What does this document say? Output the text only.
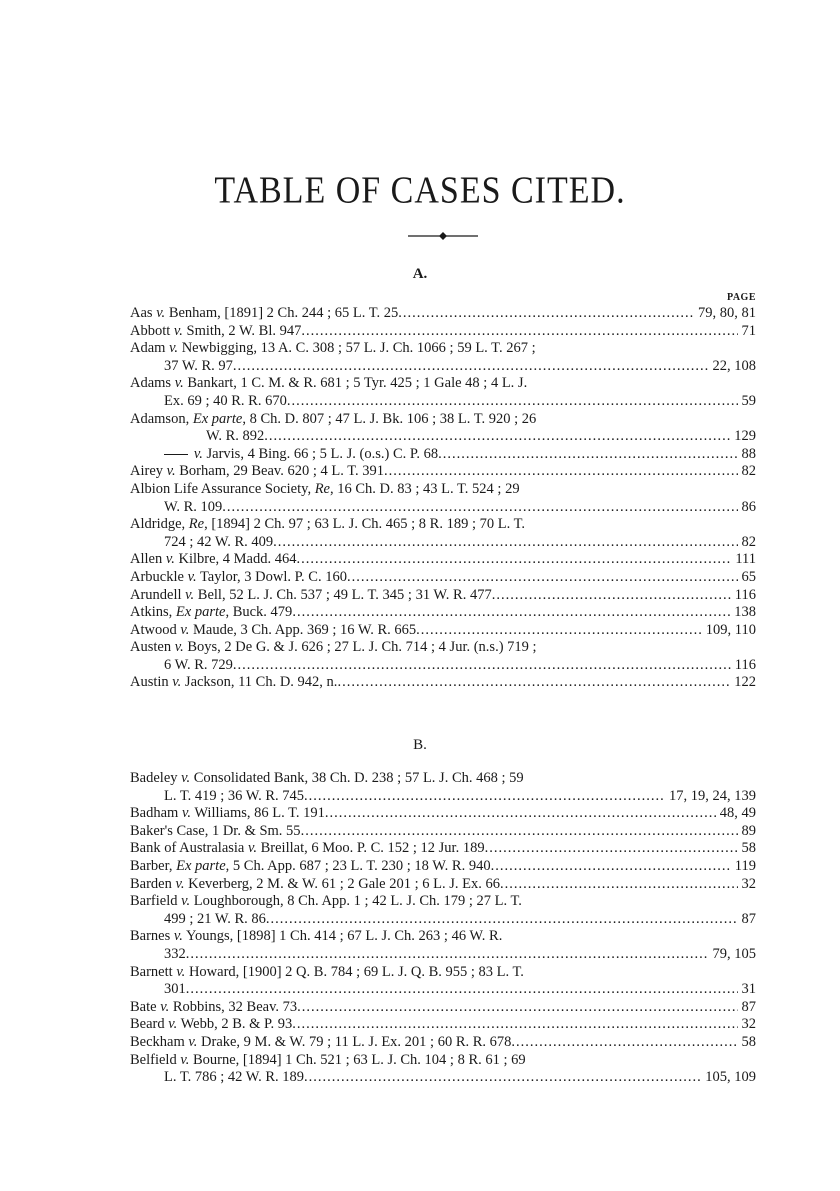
TABLE OF CASES CITED.
A.
PAGE
Aas v. Benham, [1891] 2 Ch. 244 ; 65 L. T. 25 .....	79, 80, 81
Abbott v. Smith, 2 W. Bl. 947 .....	71
Adam v. Newbigging, 13 A. C. 308 ; 57 L. J. Ch. 1066 ; 59 L. T. 267 ;
37 W. R. 97 .....	22, 108
Adams v. Bankart, 1 C. M. & R. 681 ; 5 Tyr. 425 ; 1 Gale 48 ; 4 L. J.
Ex. 69 ; 40 R. R. 670 .....	59
Adamson, Ex parte, 8 Ch. D. 807 ; 47 L. J. Bk. 106 ; 38 L. T. 920 ; 26
W. R. 892 .....	129
v. Jarvis, 4 Bing. 66 ; 5 L. J. (o.s.) C. P. 68 .....	88
Airey v. Borham, 29 Beav. 620 ; 4 L. T. 391 .....	82
Albion Life Assurance Society, Re, 16 Ch. D. 83 ; 43 L. T. 524 ; 29
W. R. 109 .....	86
Aldridge, Re, [1894] 2 Ch. 97 ; 63 L. J. Ch. 465 ; 8 R. 189 ; 70 L. T.
724 ; 42 W. R. 409 .....	82
Allen v. Kilbre, 4 Madd. 464 .....	111
Arbuckle v. Taylor, 3 Dowl. P. C. 160 .....	65
Arundell v. Bell, 52 L. J. Ch. 537 ; 49 L. T. 345 ; 31 W. R. 477 .....	116
Atkins, Ex parte, Buck. 479 .....	138
Atwood v. Maude, 3 Ch. App. 369 ; 16 W. R. 665 .....	109, 110
Austen v. Boys, 2 De G. & J. 626 ; 27 L. J. Ch. 714 ; 4 Jur. (n.s.) 719 ;
6 W. R. 729 .....	116
Austin v. Jackson, 11 Ch. D. 942, n. .....	122
B.
Badeley v. Consolidated Bank, 38 Ch. D. 238 ; 57 L. J. Ch. 468 ; 59
L. T. 419 ; 36 W. R. 745 .....	17, 19, 24, 139
Badham v. Williams, 86 L. T. 191 .....	48, 49
Baker's Case, 1 Dr. & Sm. 55 .....	89
Bank of Australasia v. Breillat, 6 Moo. P. C. 152 ; 12 Jur. 189 .....	58
Barber, Ex parte, 5 Ch. App. 687 ; 23 L. T. 230 ; 18 W. R. 940 .....	119
Barden v. Keverberg, 2 M. & W. 61 ; 2 Gale 201 ; 6 L. J. Ex. 66 .....	32
Barfield v. Loughborough, 8 Ch. App. 1 ; 42 L. J. Ch. 179 ; 27 L. T.
499 ; 21 W. R. 86 .....	87
Barnes v. Youngs, [1898] 1 Ch. 414 ; 67 L. J. Ch. 263 ; 46 W. R.
332 .....	79, 105
Barnett v. Howard, [1900] 2 Q. B. 784 ; 69 L. J. Q. B. 955 ; 83 L. T.
301 .....	31
Bate v. Robbins, 32 Beav. 73 .....	87
Beard v. Webb, 2 B. & P. 93 .....	32
Beckham v. Drake, 9 M. & W. 79 ; 11 L. J. Ex. 201 ; 60 R. R. 678 .....	58
Belfield v. Bourne, [1894] 1 Ch. 521 ; 63 L. J. Ch. 104 ; 8 R. 61 ; 69
L. T. 786 ; 42 W. R. 189 .....	105, 109
